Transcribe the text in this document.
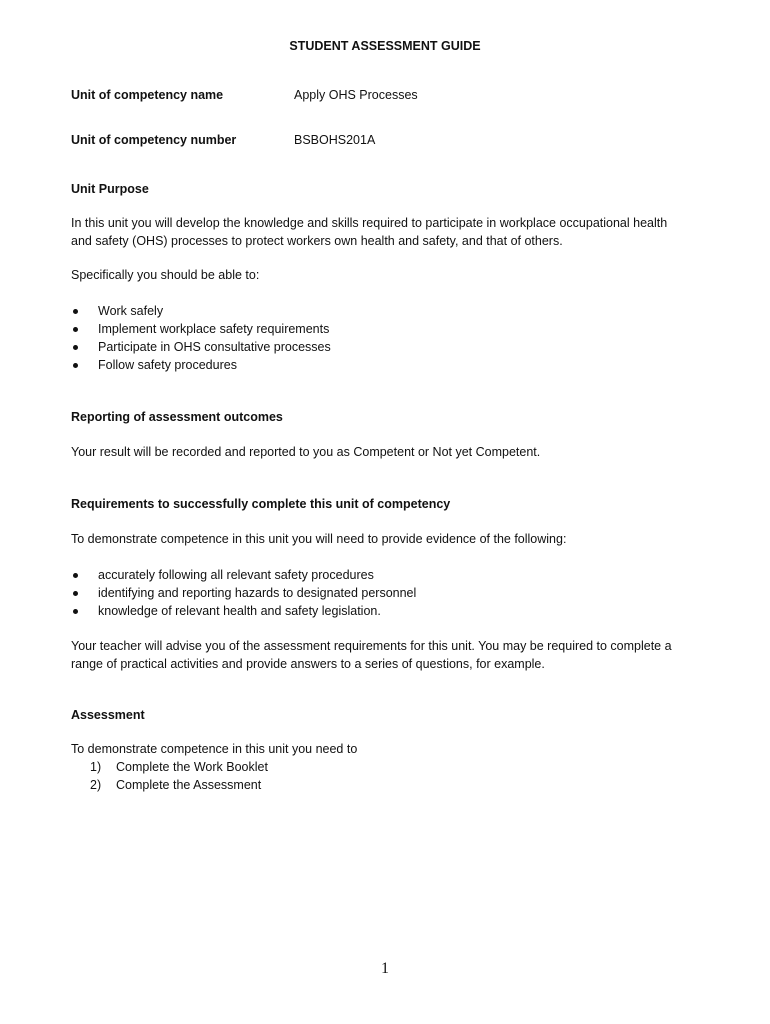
STUDENT ASSESSMENT GUIDE
Unit of competency name	Apply OHS Processes
Unit of competency number	BSBOHS201A
Unit Purpose
In this unit you will develop the knowledge and skills required to participate in workplace occupational health
and safety (OHS) processes to protect workers own health and safety, and that of others.
Specifically you should be able to:
Work safely
Implement workplace safety requirements
Participate in OHS consultative processes
Follow safety procedures
Reporting of assessment outcomes
Your result will be recorded and reported to you as Competent or Not yet Competent.
Requirements to successfully complete this unit of competency
To demonstrate competence in this unit you will need to provide evidence of the following:
accurately following all relevant safety procedures
identifying and reporting hazards to designated personnel
knowledge of relevant health and safety legislation.
Your teacher will advise you of the assessment requirements for this unit. You may be required to complete a
range of practical activities and provide answers to a series of questions, for example.
Assessment
To demonstrate competence in this unit you need to
1) Complete the Work Booklet
2) Complete the Assessment
1
